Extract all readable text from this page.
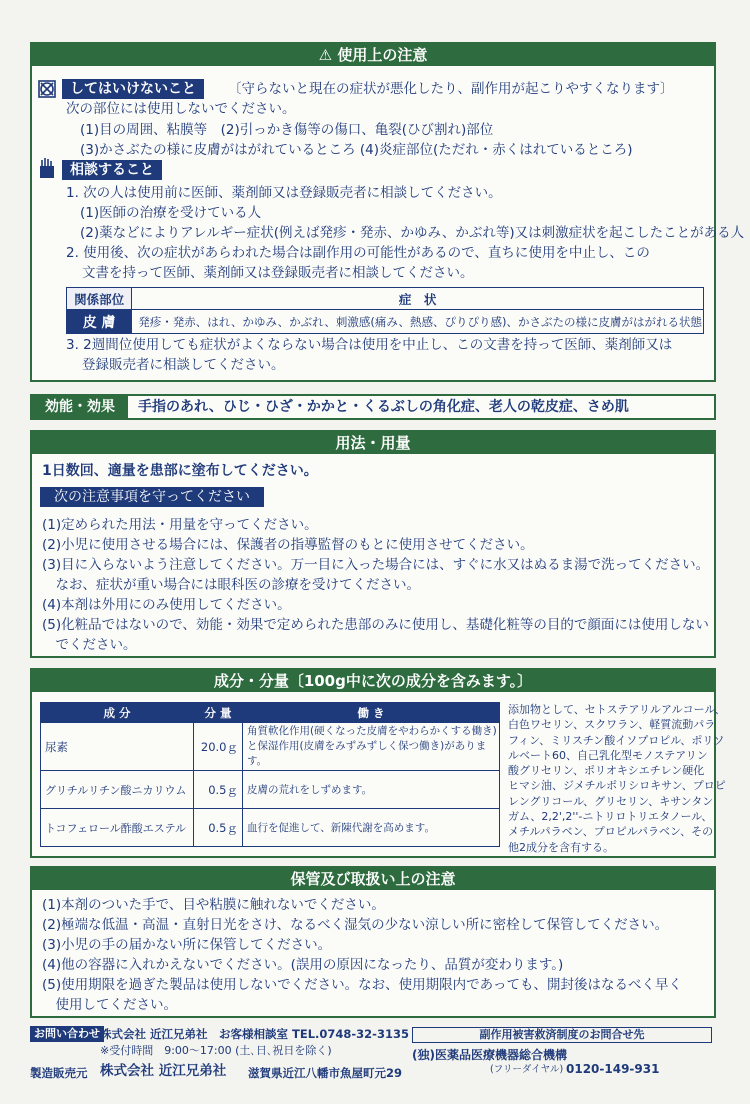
⚠ 使用上の注意
してはいけないこと	〔守らないと現在の症状が悪化したり、副作用が起こりやすくなります〕
次の部位には使用しないでください。
(1)目の周囲、粘膜等　(2)引っかき傷等の傷口、亀裂(ひび割れ)部位
(3)かさぶたの様に皮膚がはがれているところ (4)炎症部位(ただれ・赤くはれているところ)
相談すること
1. 次の人は使用前に医師、薬剤師又は登録販売者に相談してください。
(1)医師の治療を受けている人
(2)薬などによりアレルギー症状(例えば発疹・発赤、かゆみ、かぶれ等)又は刺激症状を起こしたことがある人
2. 使用後、次の症状があらわれた場合は副作用の可能性があるので、直ちに使用を中止し、この
文書を持って医師、薬剤師又は登録販売者に相談してください。
関係部位	症　状
皮 膚	発疹・発赤、はれ、かゆみ、かぶれ、刺激感(痛み、熱感、ぴりぴり感)、かさぶたの様に皮膚がはがれる状態
3. 2週間位使用しても症状がよくならない場合は使用を中止し、この文書を持って医師、薬剤師又は
登録販売者に相談してください。
効能・効果	手指のあれ、ひじ・ひざ・かかと・くるぶしの角化症、老人の乾皮症、さめ肌
用法・用量
1日数回、適量を患部に塗布してください。
次の注意事項を守ってください
(1)定められた用法・用量を守ってください。
(2)小児に使用させる場合には、保護者の指導監督のもとに使用させてください。
(3)目に入らないよう注意してください。万一目に入った場合には、すぐに水又はぬるま湯で洗ってください。
　なお、症状が重い場合には眼科医の診療を受けてください。
(4)本剤は外用にのみ使用してください。
(5)化粧品ではないので、効能・効果で定められた患部のみに使用し、基礎化粧等の目的で顔面には使用しない
　でください。
成分・分量〔100g中に次の成分を含みます。〕
成 分	分 量	働 き
尿素	20.0ｇ	角質軟化作用(硬くなった皮膚をやわらかくする働き)
と保湿作用(皮膚をみずみずしく保つ働き)があります。

グリチルリチン酸ニカリウム	0.5ｇ	皮膚の荒れをしずめます。
トコフェロール酢酸エステル	0.5ｇ	血行を促進して、新陳代謝を高めます。
添加物として、セトステアリルアルコール、
白色ワセリン、スクワラン、軽質流動パラ
フィン、ミリスチン酸イソプロピル、ポリソ
ルベート60、自己乳化型モノステアリン
酸グリセリン、ポリオキシエチレン硬化
ヒマシ油、ジメチルポリシロキサン、プロピ
レングリコール、グリセリン、キサンタン
ガム、2,2',2''-ニトリロトリエタノール、
メチルパラベン、プロピルパラベン、その
他2成分を含有する。
保管及び取扱い上の注意
(1)本剤のついた手で、目や粘膜に触れないでください。
(2)極端な低温・高温・直射日光をさけ、なるべく湿気の少ない涼しい所に密栓して保管してください。
(3)小児の手の届かない所に保管してください。
(4)他の容器に入れかえないでください。(誤用の原因になったり、品質が変わります。)
(5)使用期限を過ぎた製品は使用しないでください。なお、使用期限内であっても、開封後はなるべく早く
　使用してください。
お問い合わせ 株式会社 近江兄弟社　お客様相談室 TEL.0748-32-3135
※受付時間　9:00～17:00 (土､日､祝日を除く)
製造販売元 株式会社 近江兄弟社 滋賀県近江八幡市魚屋町元29
副作用被害救済制度のお問合せ先
(独)医薬品医療機器総合機構
(フリーダイヤル) 0120-149-931
